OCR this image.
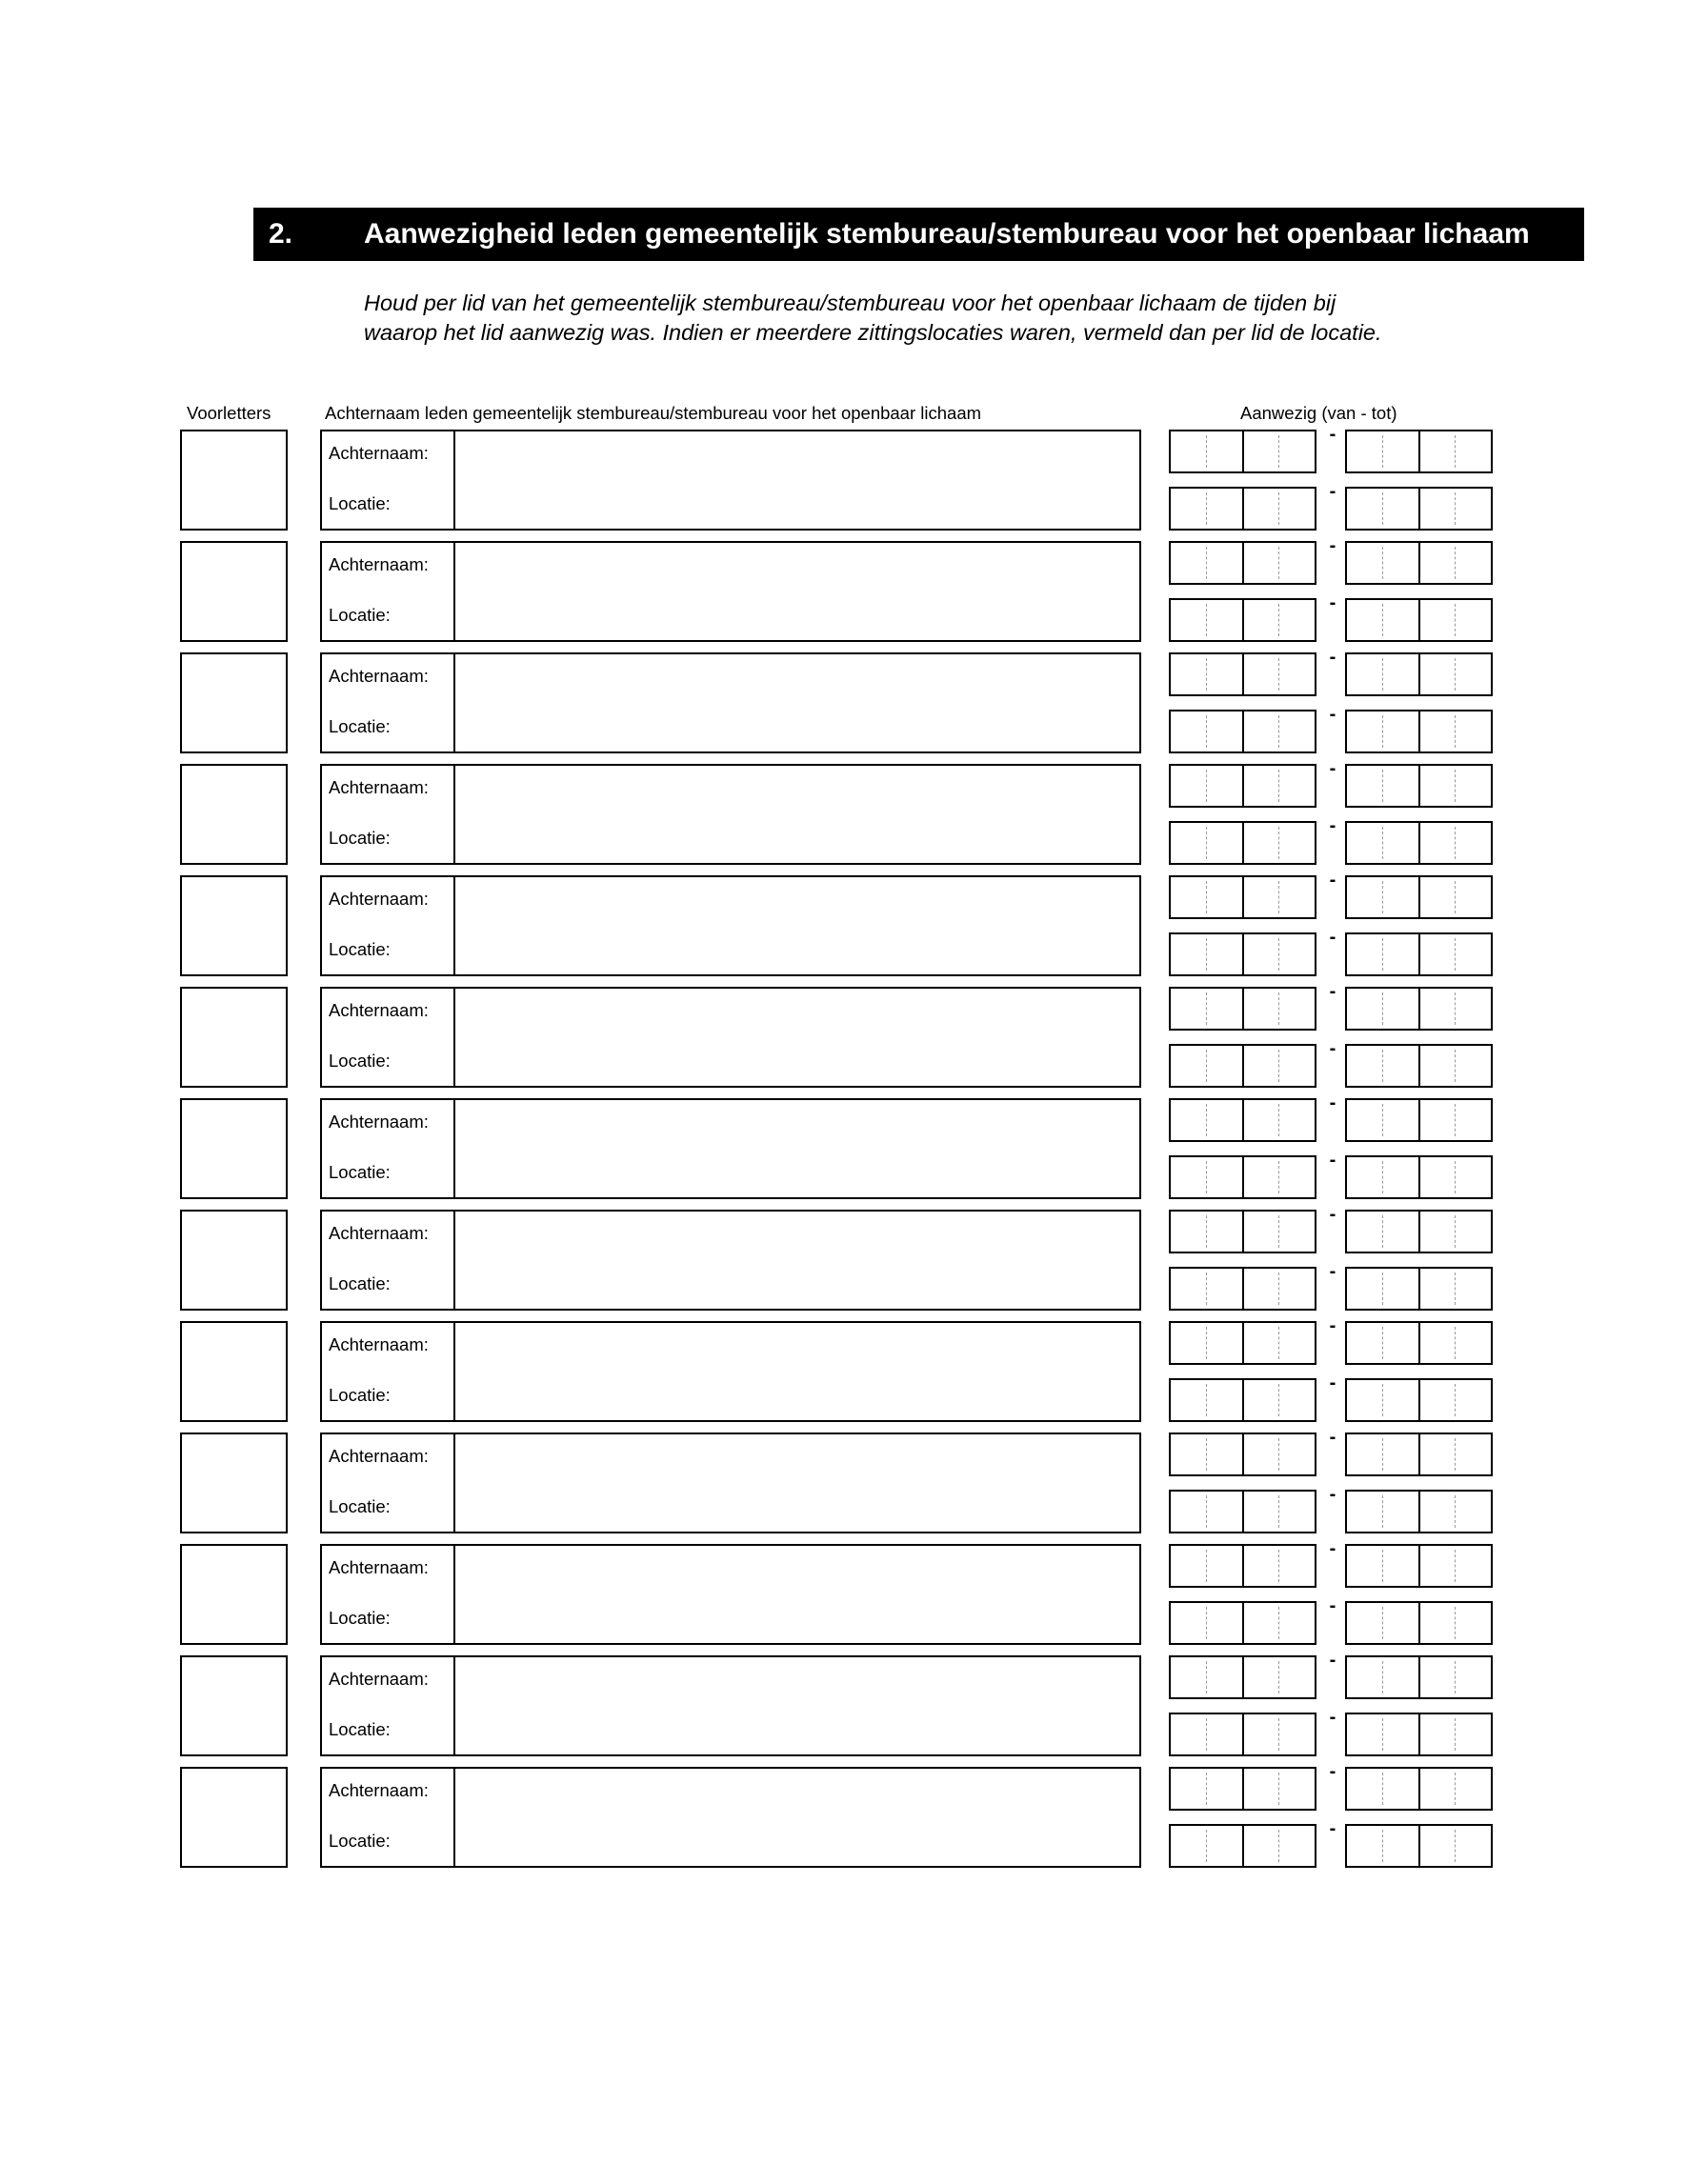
2. Aanwezigheid leden gemeentelijk stembureau/stembureau voor het openbaar lichaam
Houd per lid van het gemeentelijk stembureau/stembureau voor het openbaar lichaam de tijden bij
waarop het lid aanwezig was. Indien er meerdere zittingslocaties waren, vermeld dan per lid de locatie.
Voorletters	Achternaam leden gemeentelijk stembureau/stembureau voor het openbaar lichaam	Aanwezig (van - tot)
Achternaam:
Locatie:
-
-
Achternaam:
Locatie:
-
-
Achternaam:
Locatie:
-
-
Achternaam:
Locatie:
-
-
Achternaam:
Locatie:
-
-
Achternaam:
Locatie:
-
-
Achternaam:
Locatie:
-
-
Achternaam:
Locatie:
-
-
Achternaam:
Locatie:
-
-
Achternaam:
Locatie:
-
-
Achternaam:
Locatie:
-
-
Achternaam:
Locatie:
-
-
Achternaam:
Locatie:
-
-
